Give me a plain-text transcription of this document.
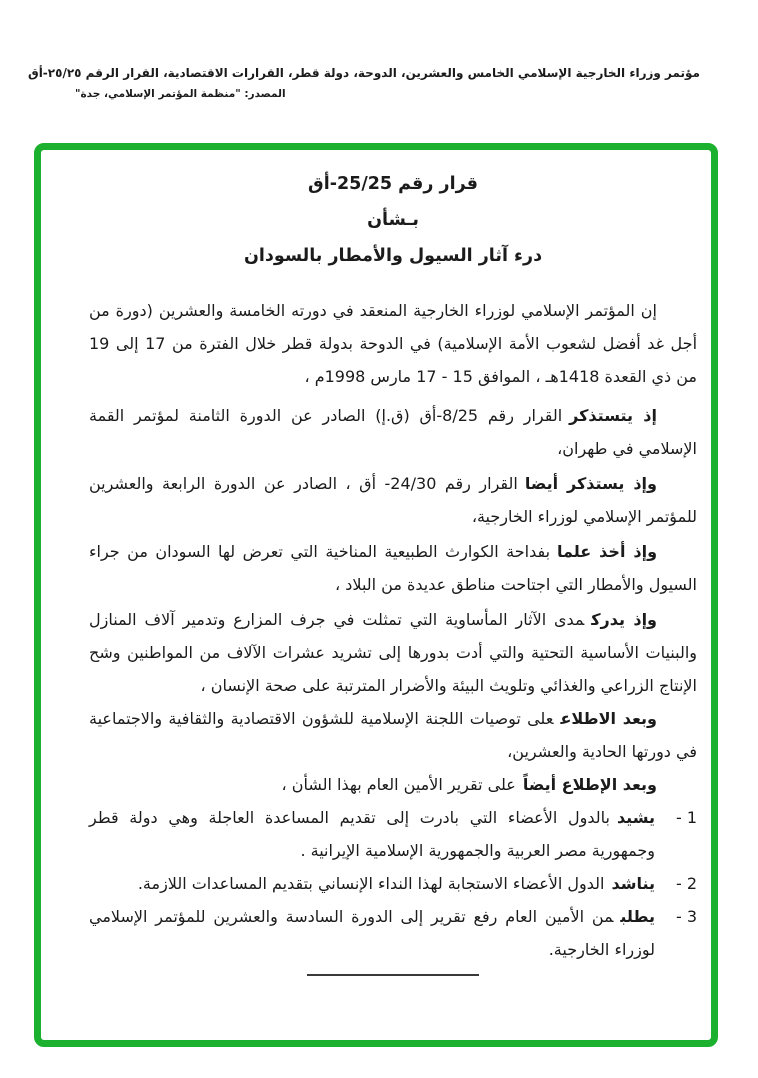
مؤتمر وزراء الخارجية الإسلامي الخامس والعشرين، الدوحة، دولة قطر، القرارات الاقتصادية، القرار الرقم ٢٥/٢٥-أق
المصدر: "منظمة المؤتمر الإسلامي، جدة"
قرار رقم 25/25-أق
بـشأن
درء آثار السيول والأمطار بالسودان

إن المؤتمر الإسلامي لوزراء الخارجية المنعقد في دورته الخامسة والعشرين (دورة من أجل غد أفضل لشعوب الأمة الإسلامية) في الدوحة بدولة قطر خلال الفترة من 17 إلى 19 من ذي القعدة 1418هـ ، الموافق 15 - 17 مارس 1998م ،

إذ يتستذكرالقرار رقم 8/25-أق (ق.إ) الصادر عن الدورة الثامنة لمؤتمر القمة الإسلامي في طهران،

وإذ يستذكر أيضاالقرار رقم 24/30- أق ، الصادر عن الدورة الرابعة والعشرين للمؤتمر الإسلامي لوزراء الخارجية،

وإذ أخذ علمابفداحة الكوارث الطبيعية المناخية التي تعرض لها السودان من جراء السيول والأمطار التي اجتاحت مناطق عديدة من البلاد ،

وإذ يدركمدى الآثار المأساوية التي تمثلت في جرف المزارع وتدمير آلاف المنازل والبنيات الأساسية التحتية والتي أدت بدورها إلى تشريد عشرات الآلاف من المواطنين وشح الإنتاج الزراعي والغذائي وتلويث البيئة والأضرار المترتبة على صحة الإنسان ،

وبعد الاطلاععلى توصيات اللجنة الإسلامية للشؤون الاقتصادية والثقافية والاجتماعية في دورتها الحادية والعشرين،

وبعد الإطلاع أيضاًعلى تقرير الأمين العام بهذا الشأن ،

1 -

يشيدبالدول الأعضاء التي بادرت إلى تقديم المساعدة العاجلة وهي دولة قطر وجمهورية مصر العربية والجمهورية الإسلامية الإيرانية .

2 -

يناشدالدول الأعضاء الاستجابة لهذا النداء الإنساني بتقديم المساعدات اللازمة.

3 -

يطلبمن الأمين العام رفع تقرير إلى الدورة السادسة والعشرين للمؤتمر الإسلامي لوزراء الخارجية.
